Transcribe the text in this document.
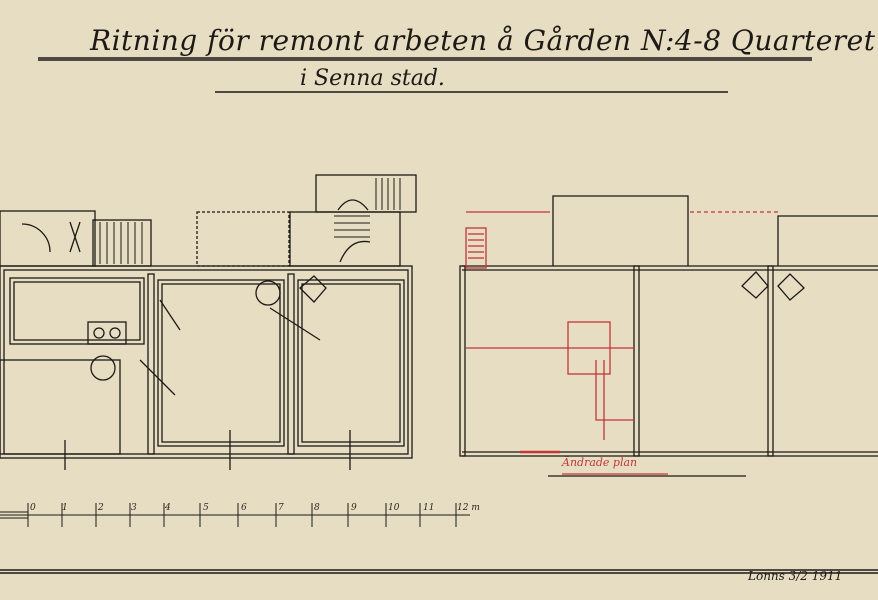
Ritning för remont arbeten å Gården N:4-8 Quarteret
i Senna stad.
Ändrade plan
Lonns 3/2 1911
0	1	2	3	4	5	6	7	8	9	10	11	12 m
